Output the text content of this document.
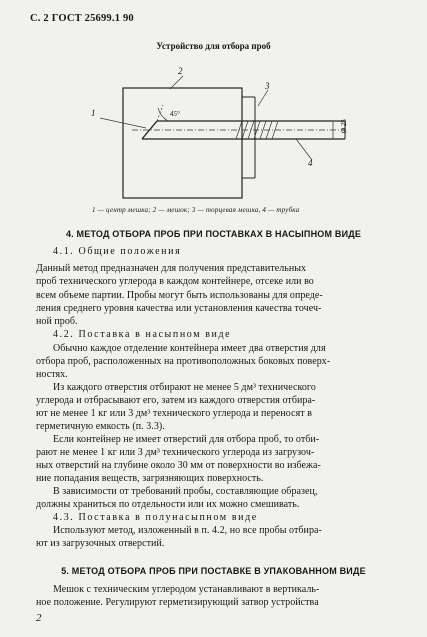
С. 2 ГОСТ 25699.1 90
Устройство для отбора проб
2
1
3
4
45°
Ø 25
1 — центр мешка; 2 — мешок; 3 — торцевая мешка, 4 — трубка
4. МЕТОД ОТБОРА ПРОБ ПРИ ПОСТАВКАХ В НАСЫПНОМ ВИДЕ
4.1. Общие положения
Данный метод предназначен для получения представительных
проб технического углерода в каждом контейнере, отсеке или во
всем объеме партии. Пробы могут быть использованы для опреде-
ления среднего уровня качества или установления качества точеч-
ной проб.
4.2. Поставка в насыпном виде
Обычно каждое отделение контейнера имеет два отверстия для
отбора проб, расположенных на противоположных боковых поверх-
ностях.
Из каждого отверстия отбирают не менее 5 дм³ технического
углерода и отбрасывают его, затем из каждого отверстия отбира-
ют не менее 1 кг или 3 дм³ технического углерода и переносят в
герметичную емкость (п. 3.3).
Если контейнер не имеет отверстий для отбора проб, то отби-
рают не менее 1 кг или 3 дм³ технического углерода из загрузоч-
ных отверстий на глубине около 30 мм от поверхности во избежа-
ние попадания веществ, загрязняющих поверхность.
В зависимости от требований пробы, составляющие образец,
должны храниться по отдельности или их можно смешивать.
4.3. Поставка в полунасыпном виде
Используют метод, изложенный в п. 4.2, но все пробы отбира-
ют из загрузочных отверстий.
5. МЕТОД ОТБОРА ПРОБ ПРИ ПОСТАВКЕ В УПАКОВАННОМ ВИДЕ
Мешок с техническим углеродом устанавливают в вертикаль-
ное положение. Регулируют герметизирующий затвор устройства
2
